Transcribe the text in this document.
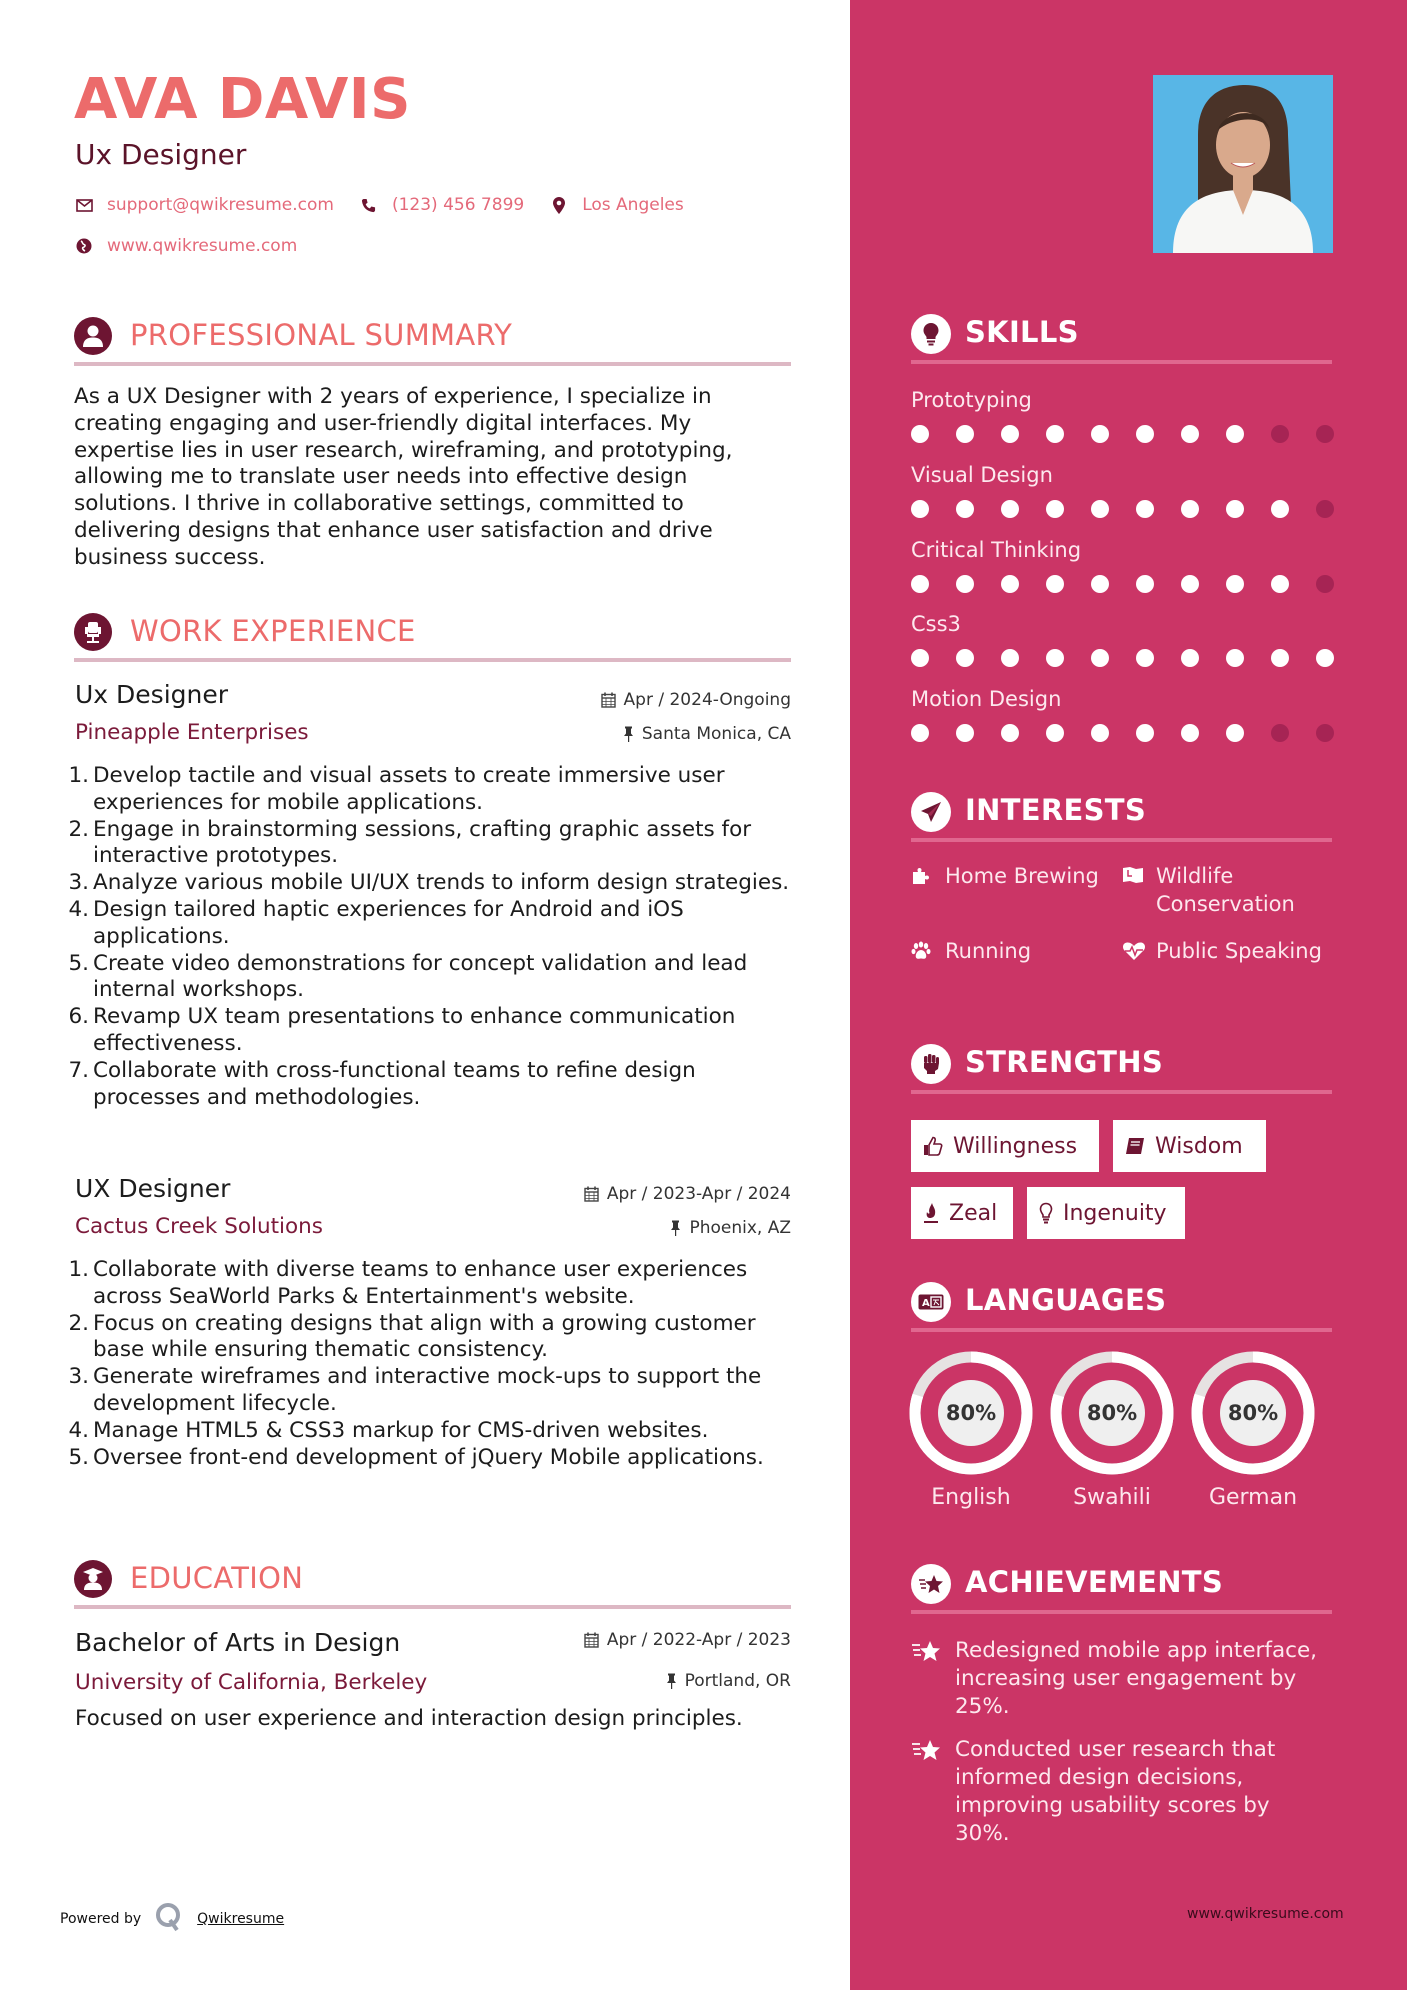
AVA DAVIS
Ux Designer
support@qwikresume.com	(123) 456 7899	Los Angeles
www.qwikresume.com
PROFESSIONAL SUMMARY

As a UX Designer with 2 years of experience, I specialize in creating engaging and user-friendly digital interfaces. My expertise lies in user research, wireframing, and prototyping, allowing me to translate user needs into effective design solutions. I thrive in collaborative settings, committed to delivering designs that enhance user satisfaction and drive business success.

WORK EXPERIENCE
Ux Designer	Apr / 2024-Ongoing
Pineapple Enterprises	Santa Monica, CA
1. Develop tactile and visual assets to create immersive user experiences for mobile applications.
2. Engage in brainstorming sessions, crafting graphic assets for interactive prototypes.
3. Analyze various mobile UI/UX trends to inform design strategies.
4. Design tailored haptic experiences for Android and iOS applications.
5. Create video demonstrations for concept validation and lead internal workshops.
6. Revamp UX team presentations to enhance communication effectiveness.
7. Collaborate with cross-functional teams to refine design processes and methodologies.
UX Designer	Apr / 2023-Apr / 2024
Cactus Creek Solutions	Phoenix, AZ
1. Collaborate with diverse teams to enhance user experiences across SeaWorld Parks & Entertainment's website.
2. Focus on creating designs that align with a growing customer base while ensuring thematic consistency.
3. Generate wireframes and interactive mock-ups to support the development lifecycle.
4. Manage HTML5 & CSS3 markup for CMS-driven websites.
5. Oversee front-end development of jQuery Mobile applications.
EDUCATION
Bachelor of Arts in Design	Apr / 2022-Apr / 2023
University of California, Berkeley	Portland, OR
Focused on user experience and interaction design principles.
Powered by	Qwikresume
SKILLS
Prototyping
Visual Design
Critical Thinking
Css3
Motion Design
INTERESTS
Home Brewing	Wildlife Conservation
Running	Public Speaking
STRENGTHS
Willingness	Wisdom
Zeal	Ingenuity
A LANGUAGES
80%
English
80%
Swahili
80%
German
ACHIEVEMENTS
Redesigned mobile app interface, increasing user engagement by 25%.
Conducted user research that informed design decisions, improving usability scores by 30%.
www.qwikresume.com
